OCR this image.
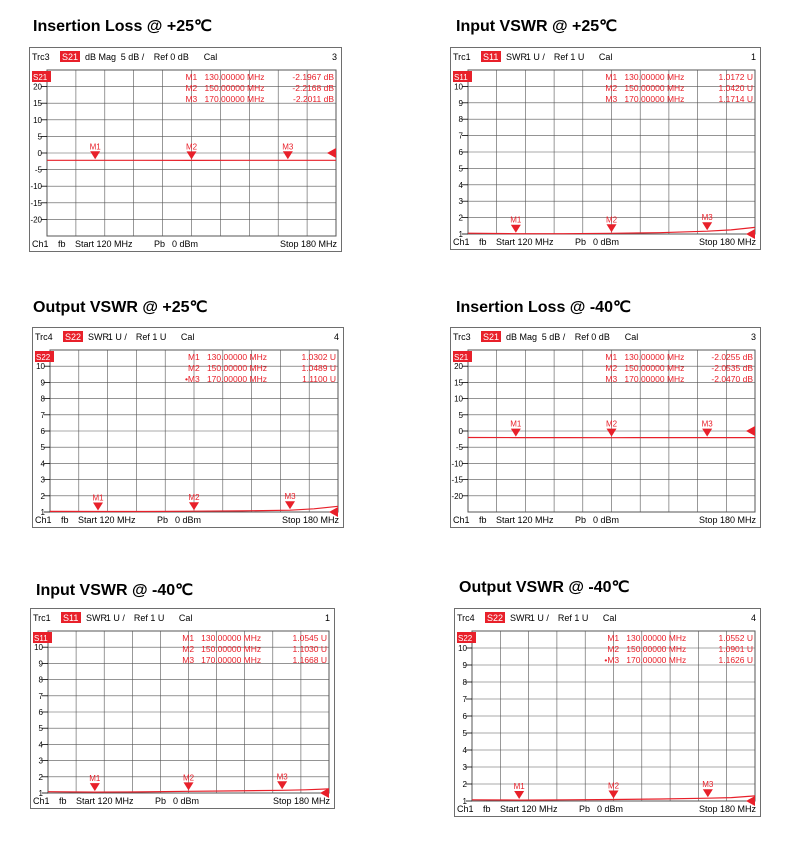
Insertion Loss @ +25℃
Trc3 S21 dB Mag 5 dB / Ref 0 dB Cal	3
20
15
10
5
0
-5
-10
-15
-20
S21	M1 130.00000 MHz	-2.1967 dB
M2 150.00000 MHz	-2.2168 dB
M3 170.00000 MHz	-2.2011 dB
M1	M2	M3
Ch1 fb Start 120 MHz Pb 0 dBm	Stop 180 MHz
Input VSWR @ +25℃
Trc1 S11 SWR
1 U / Ref 1 U Cal	1
10
9
8
7
6
5
4
3
2
1
S11	M1 130.00000 MHz	1.0172 U
M2 150.00000 MHz	1.0420 U
M3 170.00000 MHz	1.1714 U
M1	M2	M3
Ch1 fb Start 120 MHz Pb 0 dBm	Stop 180 MHz
Output VSWR @ +25℃
Trc4 S22 SWR
1 U / Ref 1 U Cal	4
10
9
8
7
6
5
4
3
2
1
S22	M1 130.00000 MHz	1.0302 U
M2 150.00000 MHz	1.0489 U
•M3 170.00000 MHz	1.1100 U
M1	M2	M3
Ch1 fb Start 120 MHz Pb 0 dBm	Stop 180 MHz
Insertion Loss @ -40℃
Trc3 S21 dB Mag 5 dB / Ref 0 dB Cal	3
20
15
10
5
0
-5
-10
-15
-20
S21	M1 130.00000 MHz	-2.0255 dB
M2 150.00000 MHz	-2.0535 dB
M3 170.00000 MHz	-2.0470 dB
M1	M2	M3
Ch1 fb Start 120 MHz Pb 0 dBm	Stop 180 MHz
Input VSWR @ -40℃
Trc1 S11 SWR
1 U / Ref 1 U Cal	1
10
9
8
7
6
5
4
3
2
1
S11	M1 130.00000 MHz	1.0545 U
M2 150.00000 MHz	1.1030 U
M3 170.00000 MHz	1.1668 U
M1	M2	M3
Ch1 fb Start 120 MHz Pb 0 dBm	Stop 180 MHz
Output VSWR @ -40℃
Trc4 S22 SWR
1 U / Ref 1 U Cal	4
10
9
8
7
6
5
4
3
2
1
S22	M1 130.00000 MHz	1.0552 U
M2 150.00000 MHz	1.0901 U
•M3 170.00000 MHz	1.1626 U
M1	M2	M3
Ch1 fb Start 120 MHz Pb 0 dBm	Stop 180 MHz
